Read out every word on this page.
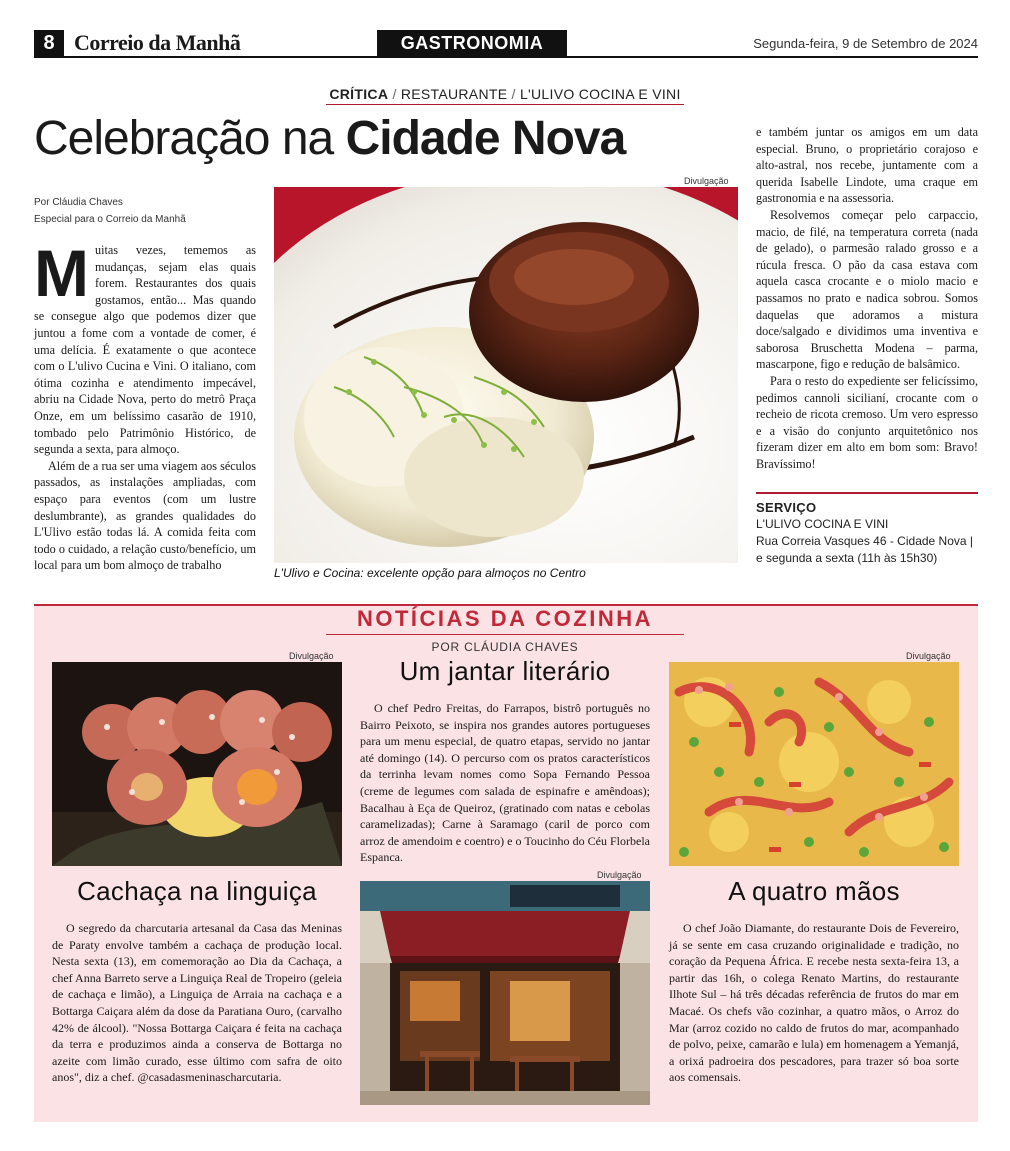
8 Correio da Manhã	GASTRONOMIA	Segunda-feira, 9 de Setembro de 2024
CRÍTICA / RESTAURANTE / L'ULIVO COCINA E VINI
Celebração na Cidade Nova
Por Cláudia Chaves
Especial para o Correio da Manhã

Muitas vezes, tememos as mudanças, sejam elas quais forem. Restaurantes dos quais gostamos, então... Mas quando se consegue algo que podemos dizer que juntou a fome com a vontade de comer, é uma delícia. É exatamente o que acontece com o L'ulivo Cucina e Vini. O italiano, com ótima cozinha e atendimento impecável, abriu na Cidade Nova, perto do metrô Praça Onze, em um belíssimo casarão de 1910, tombado pelo Patrimônio Histórico, de segunda a sexta, para almoço.

Além de a rua ser uma viagem aos séculos passados, as instalações ampliadas, com espaço para eventos (com um lustre deslumbrante), as grandes qualidades do L'Ulivo estão todas lá. A comida feita com todo o cuidado, a relação custo/benefício, um local para um bom almoço de trabalho

Divulgação
L'Ulivo e Cocina: excelente opção para almoços no Centro

e também juntar os amigos em um data especial. Bruno, o proprietário corajoso e alto-astral, nos recebe, juntamente com a querida Isabelle Lindote, uma craque em gastronomia e na assessoria.

Resolvemos começar pelo carpaccio, macio, de filé, na temperatura correta (nada de gelado), o parmesão ralado grosso e a rúcula fresca. O pão da casa estava com aquela casca crocante e o miolo macio e passamos no prato e nadica sobrou. Somos daquelas que adoramos a mistura doce/salgado e dividimos uma inventiva e saborosa Bruschetta Modena – parma, mascarpone, figo e redução de balsâmico.

Para o resto do expediente ser felicíssimo, pedimos cannoli sicilianí, crocante com o recheio de ricota cremoso. Um vero espresso e a visão do conjunto arquitetônico nos fizeram dizer em alto em bom som: Bravo! Bravíssimo!

SERVIÇO
L'ULIVO COCINA E VINI
Rua Correia Vasques 46 - Cidade Nova | e segunda a sexta (11h às 15h30)
NOTÍCIAS DA COZINHA
POR CLÁUDIA CHAVES
Divulgação
Cachaça na linguiça

O segredo da charcutaria artesanal da Casa das Meninas de Paraty envolve também a cachaça de produção local. Nesta sexta (13), em comemoração ao Dia da Cachaça, a chef Anna Barreto serve a Linguiça Real de Tropeiro (geleia de cachaça e limão), a Linguiça de Arraia na cachaça e a Bottarga Caiçara além da dose da Paratiana Ouro, (carvalho 42% de álcool). "Nossa Bottarga Caiçara é feita na cachaça da terra e produzimos ainda a conserva de Bottarga no azeite com limão curado, esse último com safra de oito anos", diz a chef. @casadasmeninascharcutaria.

Um jantar literário

O chef Pedro Freitas, do Farrapos, bistrô português no Bairro Peixoto, se inspira nos grandes autores portugueses para um menu especial, de quatro etapas, servido no jantar até domingo (14). O percurso com os pratos característicos da terrinha levam nomes como Sopa Fernando Pessoa (creme de legumes com salada de espinafre e amêndoas); Bacalhau à Eça de Queiroz, (gratinado com natas e cebolas caramelizadas); Carne à Saramago (caril de porco com arroz de amendoim e coentro) e o Toucinho do Céu Florbela Espanca.

Divulgação
Divulgação
A quatro mãos

O chef João Diamante, do restaurante Dois de Fevereiro, já se sente em casa cruzando originalidade e tradição, no coração da Pequena África. E recebe nesta sexta-feira 13, a partir das 16h, o colega Renato Martins, do restaurante Ilhote Sul – há três décadas referência de frutos do mar em Macaé. Os chefs vão cozinhar, a quatro mãos, o Arroz do Mar (arroz cozido no caldo de frutos do mar, acompanhado de polvo, peixe, camarão e lula) em homenagem a Yemanjá, a orixá padroeira dos pescadores, para trazer só boa sorte aos comensais.
